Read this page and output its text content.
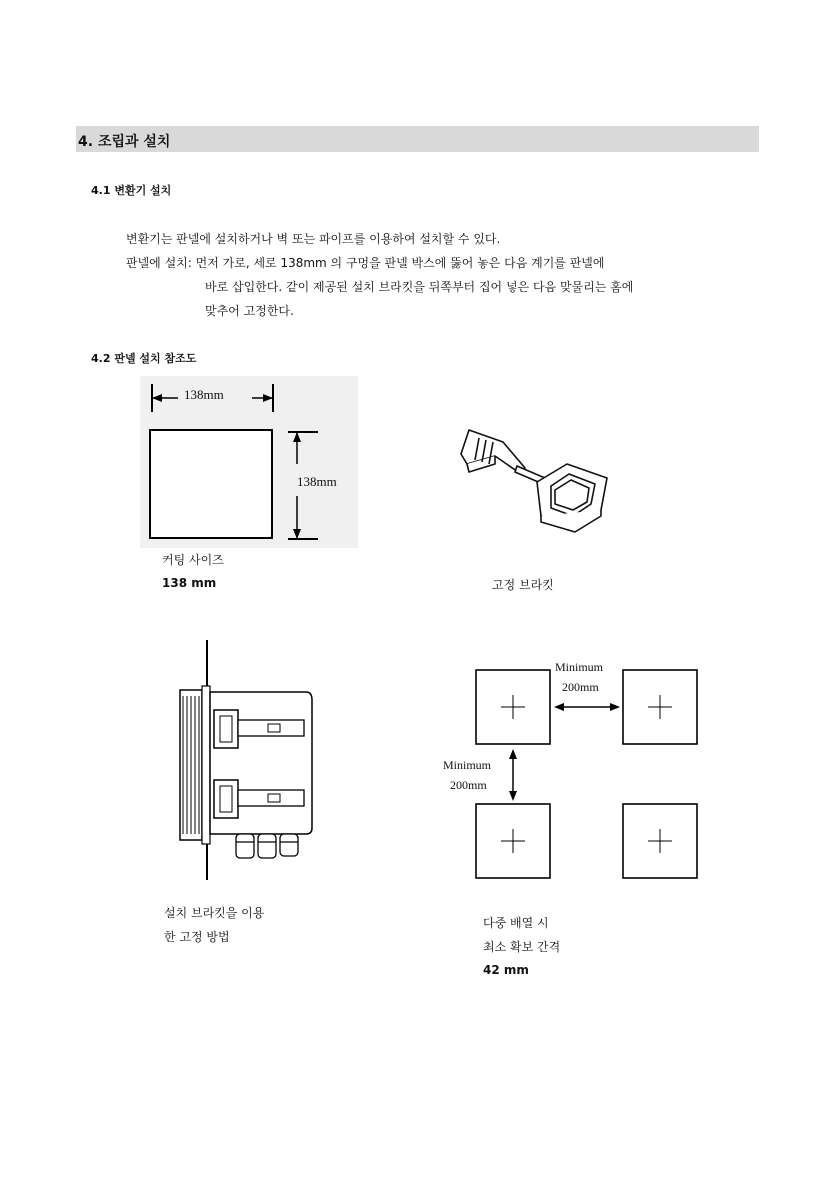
4. 조립과 설치
4.1 변환기 설치
변환기는 판넬에 설치하거나 벽 또는 파이프를 이용하여 설치할 수 있다.
판넬에 설치: 먼저 가로, 세로 138mm 의 구멍을 판넬 박스에 뚫어 놓은 다음 계기를 판넬에
바로 삽입한다. 같이 제공된 설치 브라킷을 뒤쪽부터 집어 넣은 다음 맞물리는 홈에
맞추어 고정한다.
4.2 판넬 설치 참조도
138mm
138mm
커팅 사이즈
138 mm	고정 브라킷
설치 브라킷을 이용
한 고정 방법
Minimum
200mm
Minimum
200mm
다중 배열 시
최소 확보 간격
42 mm
